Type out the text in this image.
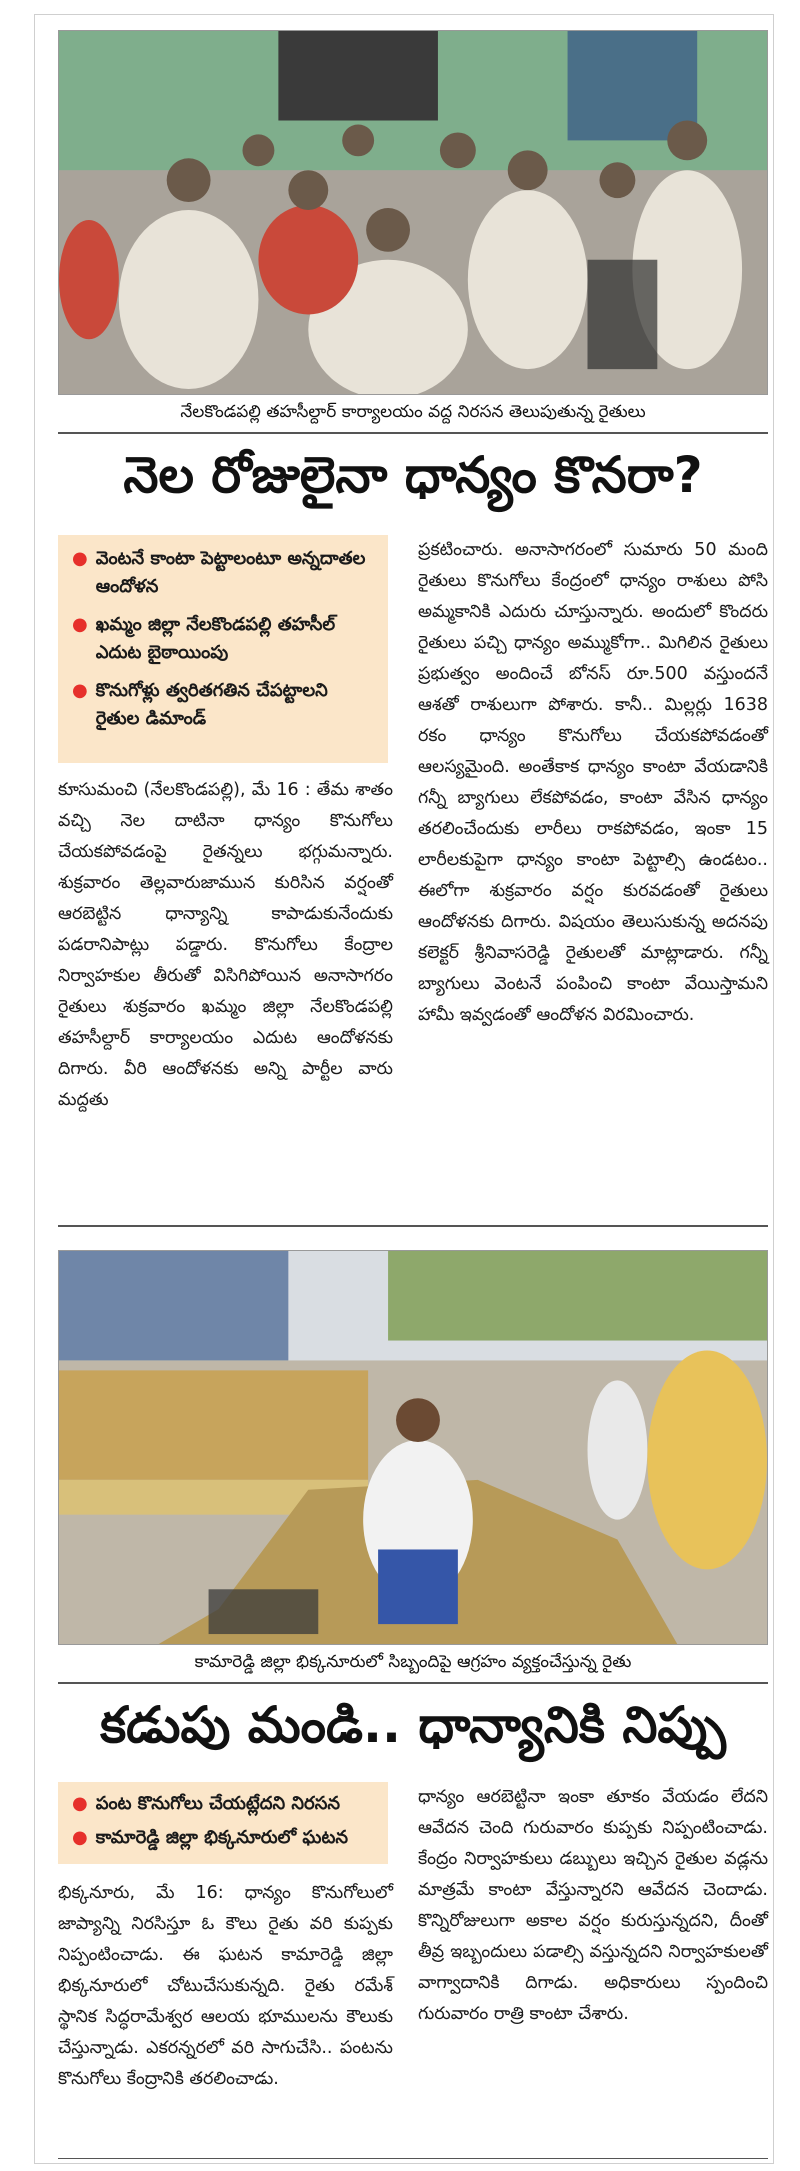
నేలకొండపల్లి తహసీల్దార్ కార్యాలయం వద్ద నిరసన తెలుపుతున్న రైతులు
నెల రోజులైనా ధాన్యం కొనరా?
● వెంటనే కాంటా పెట్టాలంటూ అన్నదాతల ఆందోళన
● ఖమ్మం జిల్లా నేలకొండపల్లి తహసీల్ ఎదుట బైఠాయింపు
● కొనుగోళ్లు త్వరితగతిన చేపట్టాలని రైతుల డిమాండ్

కూసుమంచి (నేలకొండపల్లి), మే 16 : తేమ శాతం వచ్చి నెల దాటినా ధాన్యం కొనుగోలు చేయకపోవడంపై రైతన్నలు భగ్గుమన్నారు. శుక్రవారం తెల్లవారుజామున కురిసిన వర్షంతో ఆరబెట్టిన ధాన్యాన్ని కాపాడుకునేందుకు పడరానిపాట్లు పడ్డారు. కొనుగోలు కేంద్రాల నిర్వాహకుల తీరుతో విసిగిపోయిన అనాసాగరం రైతులు శుక్రవారం ఖమ్మం జిల్లా నేలకొండపల్లి తహసీల్దార్ కార్యాలయం ఎదుట ఆందోళనకు దిగారు. వీరి ఆందోళనకు అన్ని పార్టీల వారు మద్దతు

ప్రకటించారు. అనాసాగరంలో సుమారు 50 మంది రైతులు కొనుగోలు కేంద్రంలో ధాన్యం రాశులు పోసి అమ్మకానికి ఎదురు చూస్తున్నారు. అందులో కొందరు రైతులు పచ్చి ధాన్యం అమ్ముకోగా.. మిగిలిన రైతులు ప్రభుత్వం అందించే బోనస్ రూ.500 వస్తుందనే ఆశతో రాశులుగా పోశారు. కానీ.. మిల్లర్లు 1638 రకం ధాన్యం కొనుగోలు చేయకపోవడంతో ఆలస్యమైంది. అంతేకాక ధాన్యం కాంటా వేయడానికి గన్నీ బ్యాగులు లేకపోవడం, కాంటా వేసిన ధాన్యం తరలించేందుకు లారీలు రాకపోవడం, ఇంకా 15 లారీలకుపైగా ధాన్యం కాంటా పెట్టాల్సి ఉండటం.. ఈలోగా శుక్రవారం వర్షం కురవడంతో రైతులు ఆందోళనకు దిగారు. విషయం తెలుసుకున్న అదనపు కలెక్టర్ శ్రీనివాసరెడ్డి రైతులతో మాట్లాడారు. గన్నీ బ్యాగులు వెంటనే పంపించి కాంటా వేయిస్తామని హామీ ఇవ్వడంతో ఆందోళన విరమించారు.

కామారెడ్డి జిల్లా భిక్కనూరులో సిబ్బందిపై ఆగ్రహం వ్యక్తంచేస్తున్న రైతు
కడుపు మండి.. ధాన్యానికి నిప్పు
● పంట కొనుగోలు చేయట్లేదని నిరసన
● కామారెడ్డి జిల్లా భిక్కనూరులో ఘటన

భిక్కనూరు, మే 16: ధాన్యం కొనుగోలులో జాప్యాన్ని నిరసిస్తూ ఓ కౌలు రైతు వరి కుప్పకు నిప్పంటించాడు. ఈ ఘటన కామారెడ్డి జిల్లా భిక్కనూరులో చోటుచేసుకున్నది. రైతు రమేశ్ స్థానిక సిద్ధరామేశ్వర ఆలయ భూములను కౌలుకు చేస్తున్నాడు. ఎకరన్నరలో వరి సాగుచేసి.. పంటను కొనుగోలు కేంద్రానికి తరలించాడు.

ధాన్యం ఆరబెట్టినా ఇంకా తూకం వేయడం లేదని ఆవేదన చెంది గురువారం కుప్పకు నిప్పంటించాడు. కేంద్రం నిర్వాహకులు డబ్బులు ఇచ్చిన రైతుల వడ్లను మాత్రమే కాంటా వేస్తున్నారని ఆవేదన చెందాడు. కొన్నిరోజులుగా అకాల వర్షం కురుస్తున్నదని, దీంతో తీవ్ర ఇబ్బందులు పడాల్సి వస్తున్నదని నిర్వాహకులతో వాగ్వాదానికి దిగాడు. అధికారులు స్పందించి గురువారం రాత్రి కాంటా చేశారు.
